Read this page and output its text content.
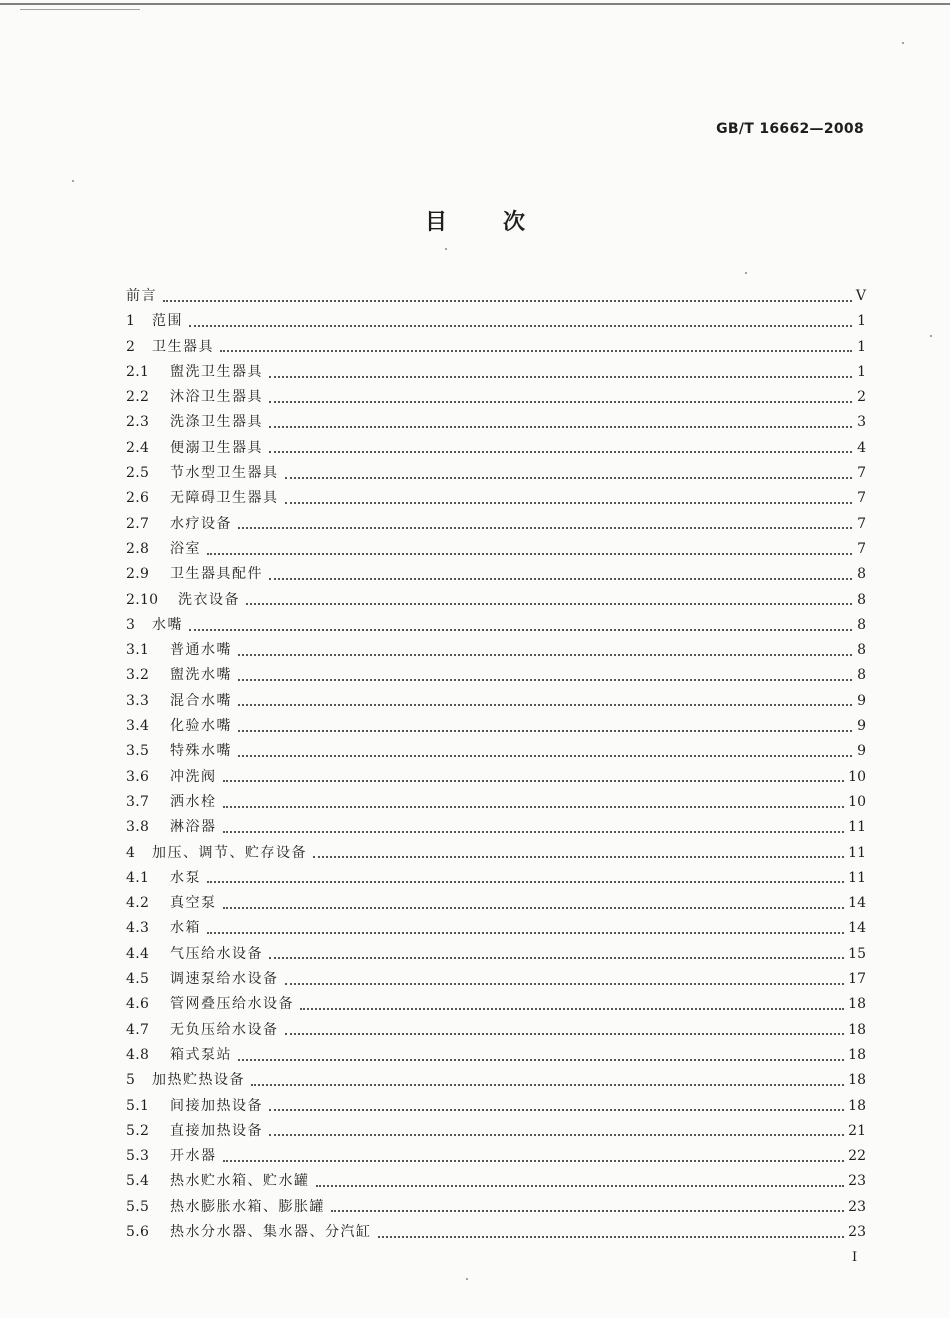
GB/T 16662—2008
目	次
前言	V
1	范围	1
2	卫生器具	1
2.1	盥洗卫生器具	1
2.2	沐浴卫生器具	2
2.3	洗涤卫生器具	3
2.4	便溺卫生器具	4
2.5	节水型卫生器具	7
2.6	无障碍卫生器具	7
2.7	水疗设备	7
2.8	浴室	7
2.9	卫生器具配件	8
2.10	洗衣设备	8
3	水嘴	8
3.1	普通水嘴	8
3.2	盥洗水嘴	8
3.3	混合水嘴	9
3.4	化验水嘴	9
3.5	特殊水嘴	9
3.6	冲洗阀	10
3.7	洒水栓	10
3.8	淋浴器	11
4	加压、调节、贮存设备	11
4.1	水泵	11
4.2	真空泵	14
4.3	水箱	14
4.4	气压给水设备	15
4.5	调速泵给水设备	17
4.6	管网叠压给水设备	18
4.7	无负压给水设备	18
4.8	箱式泵站	18
5	加热贮热设备	18
5.1	间接加热设备	18
5.2	直接加热设备	21
5.3	开水器	22
5.4	热水贮水箱、贮水罐	23
5.5	热水膨胀水箱、膨胀罐	23
5.6	热水分水器、集水器、分汽缸	23
I
